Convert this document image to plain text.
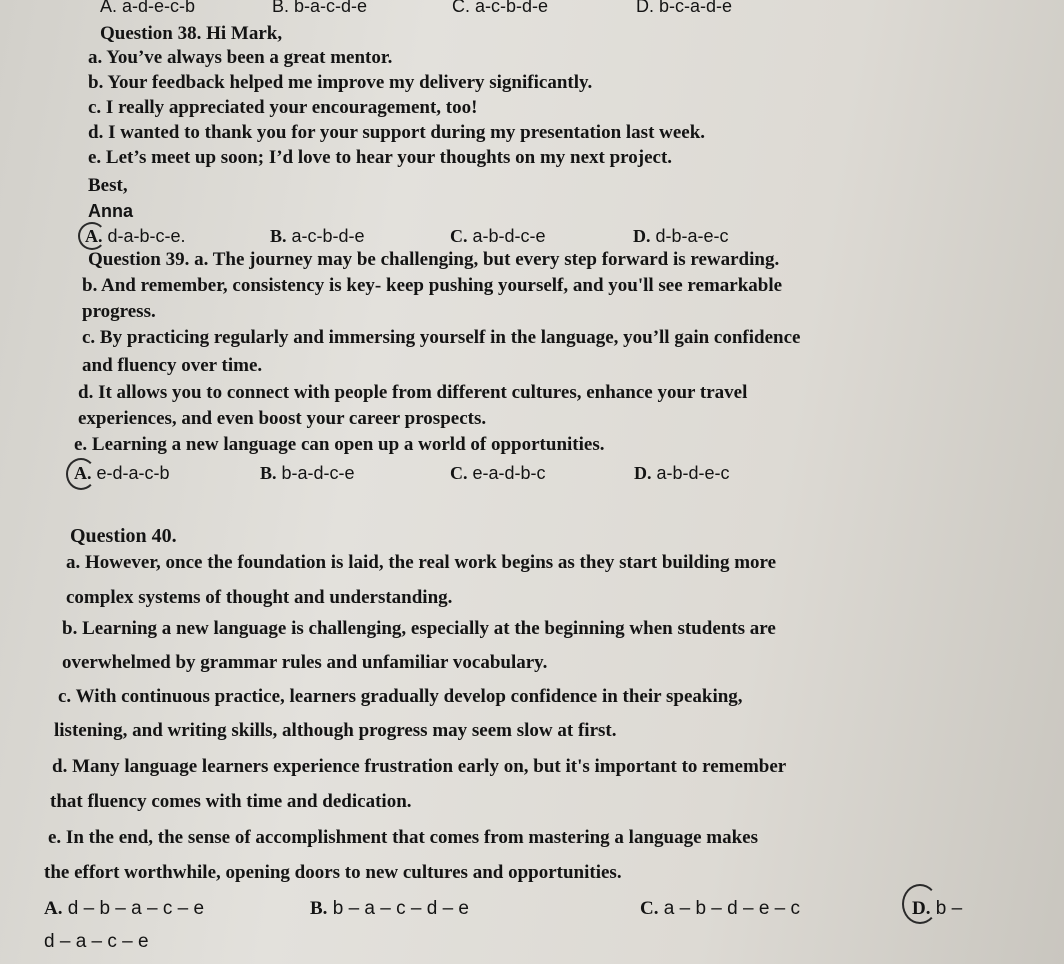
A. a-d-e-c-b	B. b-a-c-d-e	C. a-c-b-d-e	D. b-c-a-d-e
Question 38. Hi Mark,
a. You’ve always been a great mentor.
b. Your feedback helped me improve my delivery significantly.
c. I really appreciated your encouragement, too!
d. I wanted to thank you for your support during my presentation last week.
e. Let’s meet up soon; I’d love to hear your thoughts on my next project.
Best,
Anna
A. d-a-b-c-e.	B. a-c-b-d-e	C. a-b-d-c-e	D. d-b-a-e-c
Question 39. a. The journey may be challenging, but every step forward is rewarding.
b. And remember, consistency is key- keep pushing yourself, and you'll see remarkable
progress.
c. By practicing regularly and immersing yourself in the language, you’ll gain confidence
and fluency over time.
d. It allows you to connect with people from different cultures, enhance your travel
experiences, and even boost your career prospects.
e. Learning a new language can open up a world of opportunities.
A. e-d-a-c-b	B. b-a-d-c-e	C. e-a-d-b-c	D. a-b-d-e-c
Question 40.
a. However, once the foundation is laid, the real work begins as they start building more
complex systems of thought and understanding.
b. Learning a new language is challenging, especially at the beginning when students are
overwhelmed by grammar rules and unfamiliar vocabulary.
c. With continuous practice, learners gradually develop confidence in their speaking,
listening, and writing skills, although progress may seem slow at first.
d. Many language learners experience frustration early on, but it's important to remember
that fluency comes with time and dedication.
e. In the end, the sense of accomplishment that comes from mastering a language makes
the effort worthwhile, opening doors to new cultures and opportunities.
A. d – b – a – c – e	B. b – a – c – d – e	C. a – b – d – e – c	D. b –
d – a – c – e
